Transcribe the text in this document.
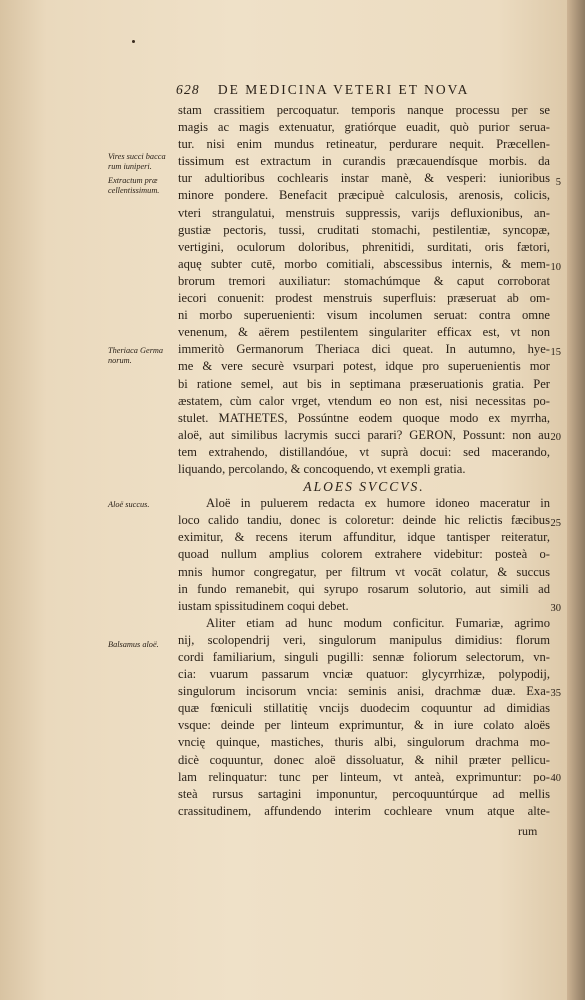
628 DE MEDICINA VETERI ET NOVA
Vires succi bacca rum iuniperi.
Extractum præ cellentissimum.
Theriaca Germa norum.
Aloë succus.
Balsamus aloë.
stam crassitiem percoquatur. temporis nanque processu per se
magis ac magis extenuatur, gratiórque euadit, quò purior serua-
tur. nisi enim mundus retineatur, perdurare nequit. Præcellen-
tissimum est extractum in curandis præcauendísque morbis. da
tur adultioribus cochlearis instar manè, & vesperi: iunioribus
minore pondere. Benefacit præcipuè calculosis, arenosis, colicis,
vteri strangulatui, menstruis suppressis, varijs defluxionibus, an-
gustiæ pectoris, tussi, cruditati stomachi, pestilentiæ, syncopæ,
vertigini, oculorum doloribus, phrenitidi, surditati, oris fætori,
aquę subter cutē, morbo comitiali, abscessibus internis, & mem-
brorum tremori auxiliatur: stomachúmque & caput corroborat
iecori conuenit: prodest menstruis superfluis: præseruat ab om-
ni morbo superuenienti: visum incolumen seruat: contra omne
venenum, & aërem pestilentem singulariter efficax est, vt non
immeritò Germanorum Theriaca dici queat. In autumno, hye-
me & vere securè vsurpari potest, idque pro superuenientis mor
bi ratione semel, aut bis in septimana præseruationis gratia. Per
æstatem, cùm calor vrget, vtendum eo non est, nisi necessitas po-
stulet. MATHETES, Possúntne eodem quoque modo ex myrrha,
aloë, aut similibus lacrymis succi parari? GERON, Possunt: non au
tem extrahendo, distillandóue, vt suprà docui: sed macerando,
liquando, percolando, & concoquendo, vt exempli gratia.
ALOES SVCCVS.
Aloë in puluerem redacta ex humore idoneo maceratur in
loco calido tandiu, donec is coloretur: deinde hic relictis fæcibus
eximitur, & recens iterum affunditur, idque tantisper reiteratur,
quoad nullum amplius colorem extrahere videbitur: posteà o-
mnis humor congregatur, per filtrum vt vocāt colatur, & succus
in fundo remanebit, qui syrupo rosarum solutorio, aut simili ad
iustam spissitudinem coqui debet.
Aliter etiam ad hunc modum conficitur. Fumariæ, agrimo
nij, scolopendrij veri, singulorum manipulus dimidius: florum
cordi familiarium, singuli pugilli: sennæ foliorum selectorum, vn-
cia: vuarum passarum vnciæ quatuor: glycyrrhizæ, polypodij,
singulorum incisorum vncia: seminis anisi, drachmæ duæ. Exa-
quæ fœniculi stillatitię vncijs duodecim coquuntur ad dimidias
vsque: deinde per linteum exprimuntur, & in iure colato aloës
vncię quinque, mastiches, thuris albi, singulorum drachma mo-
dicè coquuntur, donec aloë dissoluatur, & nihil præter pellicu-
lam relinquatur: tunc per linteum, vt anteà, exprimuntur: po-
steà rursus sartagini imponuntur, percoquuntúrque ad mellis
crassitudinem, affundendo interim cochleare vnum atque alte-
5
10
15
20
25
30
35
40
rum
